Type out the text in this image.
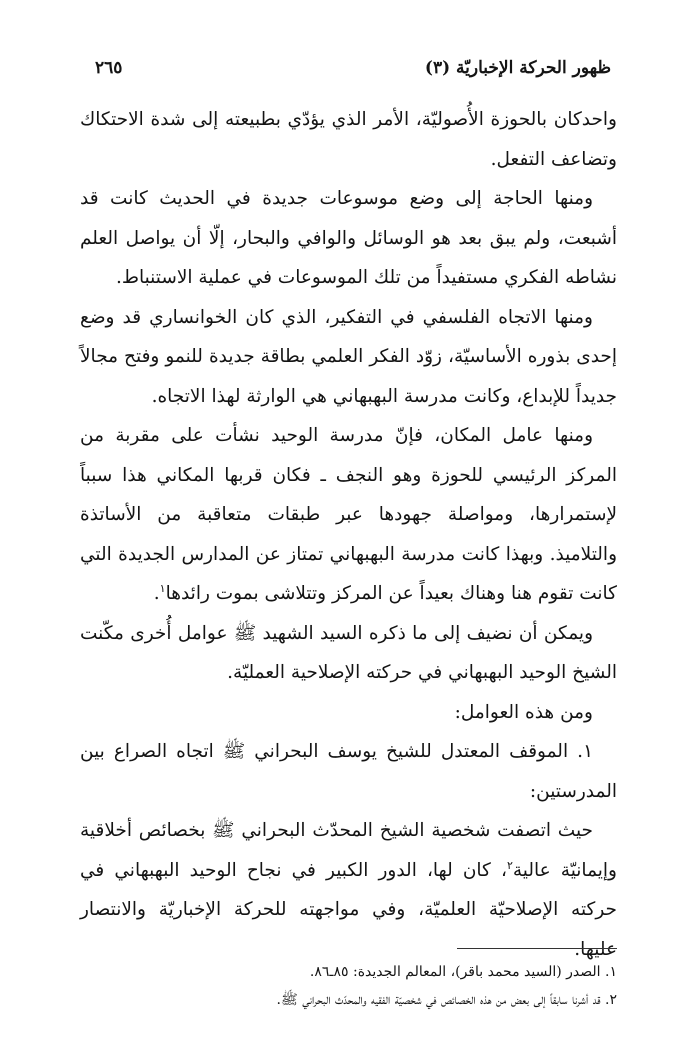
ظهور الحركة الإخباريّة (٣)
٢٦٥

واحدكان بالحوزة الأُصوليّة، الأمر الذي يؤدّي بطبيعته إلى شدة الاحتكاك وتضاعف التفعل.

ومنها الحاجة إلى وضع موسوعات جديدة في الحديث كانت قد أشبعت، ولم يبق بعد هو الوسائل والوافي والبحار، إلّا أن يواصل العلم نشاطه الفكري مستفيداً من تلك الموسوعات في عملية الاستنباط.

ومنها الاتجاه الفلسفي في التفكير، الذي كان الخوانساري قد وضع إحدى بذوره الأساسيّة، زوّد الفكر العلمي بطاقة جديدة للنمو وفتح مجالاً جديداً للإبداع، وكانت مدرسة البهبهاني هي الوارثة لهذا الاتجاه.

ومنها عامل المكان، فإنّ مدرسة الوحيد نشأت على مقربة من المركز الرئيسي للحوزة وهو النجف ـ فكان قربها المكاني هذا سبباً لإستمرارها، ومواصلة جهودها عبر طبقات متعاقبة من الأساتذة والتلاميذ. وبهذا كانت مدرسة البهبهاني تمتاز عن المدارس الجديدة التي كانت تقوم هنا وهناك بعيداً عن المركز وتتلاشى بموت رائدها$^١$.

ويمكن أن نضيف إلى ما ذكره السيد الشهيد ﷺ عوامل أُخرى مكّنت الشيخ الوحيد البهبهاني في حركته الإصلاحية العمليّة.

ومن هذه العوامل:

١. الموقف المعتدل للشيخ يوسف البحراني ﷺ اتجاه الصراع بين المدرستين:

حيث اتصفت شخصية الشيخ المحدّث البحراني ﷺ بخصائص أخلاقية وإيمانيّة عالية$^٢$، كان لها، الدور الكبير في نجاح الوحيد البهبهاني في حركته الإصلاحيّة العلميّة، وفي مواجهته للحركة الإخباريّة والانتصار عليها.

١. الصدر (السيد محمد باقر)، المعالم الجديدة: ٨٥ـ٨٦.

٢. قد أشرنا سابقاً إلى بعض من هذه الخصائص في شخصيّة الفقيه والمحدّث البحراني ﷺ.
